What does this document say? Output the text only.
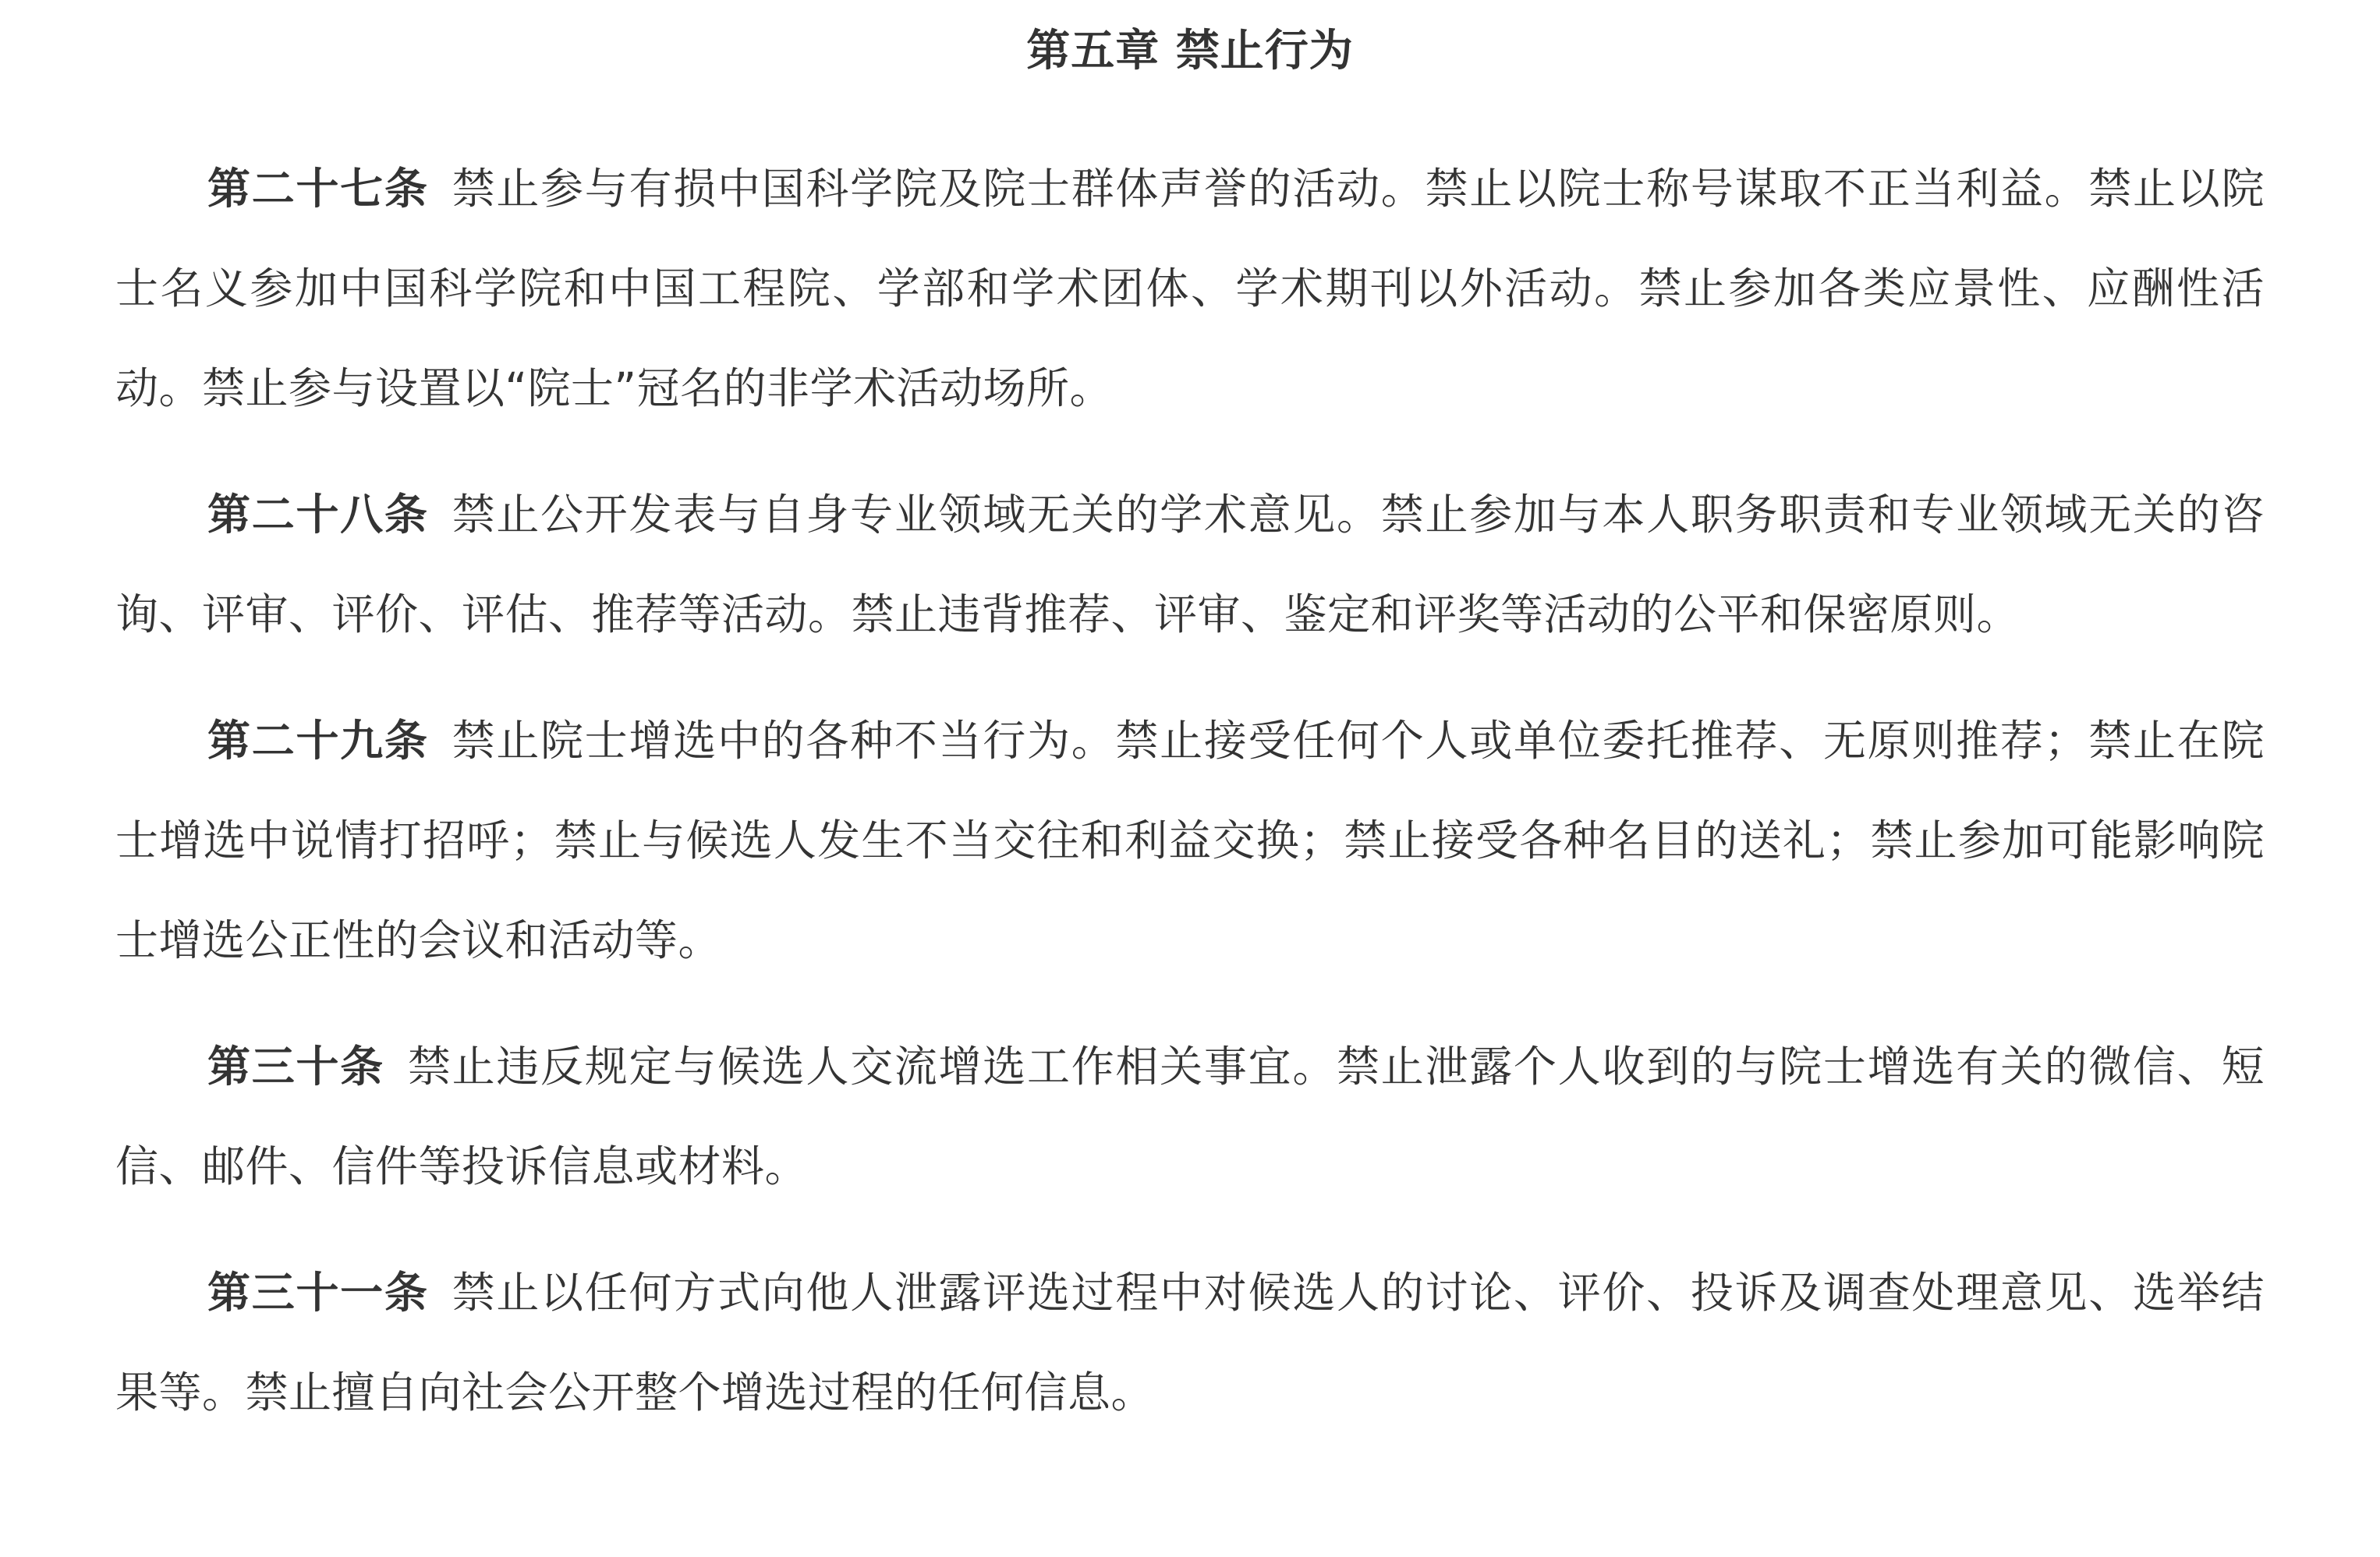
第五章 禁止行为

第二十七条 禁止参与有损中国科学院及院士群体声誉的活动。禁止以院士称号谋取不正当利益。禁止以院士名义参加中国科学院和中国工程院、学部和学术团体、学术期刊以外活动。禁止参加各类应景性、应酬性活动。禁止参与设置以“院士”冠名的非学术活动场所。

第二十八条 禁止公开发表与自身专业领域无关的学术意见。禁止参加与本人职务职责和专业领域无关的咨询、评审、评价、评估、推荐等活动。禁止违背推荐、评审、鉴定和评奖等活动的公平和保密原则。

第二十九条 禁止院士增选中的各种不当行为。禁止接受任何个人或单位委托推荐、无原则推荐；禁止在院士增选中说情打招呼；禁止与候选人发生不当交往和利益交换；禁止接受各种名目的送礼；禁止参加可能影响院士增选公正性的会议和活动等。

第三十条 禁止违反规定与候选人交流增选工作相关事宜。禁止泄露个人收到的与院士增选有关的微信、短信、邮件、信件等投诉信息或材料。

第三十一条 禁止以任何方式向他人泄露评选过程中对候选人的讨论、评价、投诉及调查处理意见、选举结果等。禁止擅自向社会公开整个增选过程的任何信息。
